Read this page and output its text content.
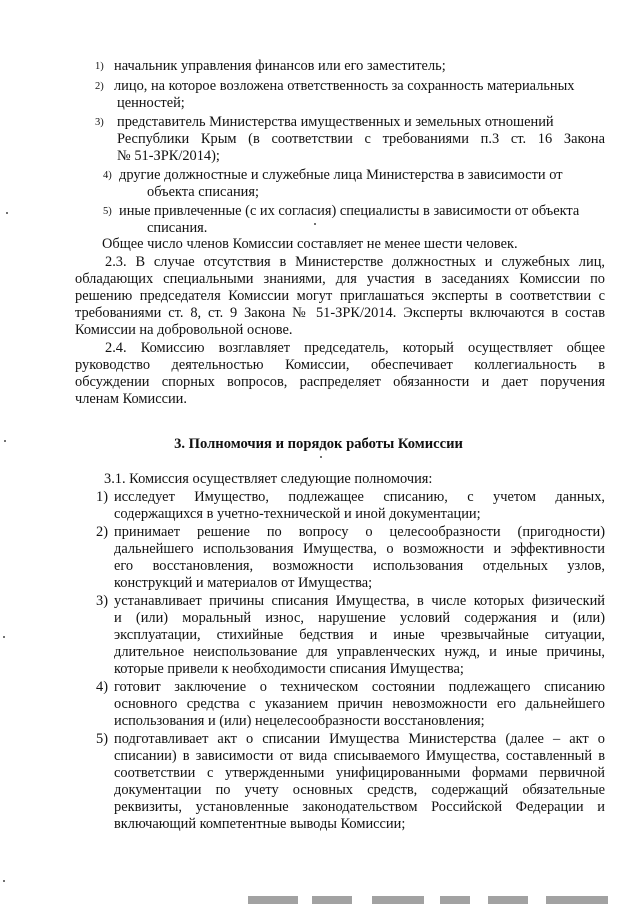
1) начальник управления финансов или его заместитель;
2) лицо, на которое возложена ответственность за сохранность материальных
ценностей;
3) представитель Министерства имущественных и земельных отношений
Республики Крым (в соответствии с требованиями п.3 ст. 16 Закона
№ 51-ЗРК/2014);
4) другие должностные и служебные лица Министерства в зависимости от
объекта списания;
5) иные привлеченные (с их согласия) специалисты в зависимости от объекта
списания.
Общее число членов Комиссии составляет не менее шести человек.
2.3. В случае отсутствия в Министерстве должностных и служебных лиц,
обладающих специальными знаниями, для участия в заседаниях Комиссии по
решению председателя Комиссии могут приглашаться эксперты в соответствии с
требованиями ст. 8, ст. 9 Закона № 51-ЗРК/2014. Эксперты включаются в состав
Комиссии на добровольной основе.
2.4. Комиссию возглавляет председатель, который осуществляет общее
руководство деятельностью Комиссии, обеспечивает коллегиальность в
обсуждении спорных вопросов, распределяет обязанности и дает поручения
членам Комиссии.
3. Полномочия и порядок работы Комиссии
3.1. Комиссия осуществляет следующие полномочия:
1) исследует Имущество, подлежащее списанию, с учетом данных,
содержащихся в учетно-технической и иной документации;
2) принимает решение по вопросу о целесообразности (пригодности)
дальнейшего использования Имущества, о возможности и эффективности
его восстановления, возможности использования отдельных узлов,
конструкций и материалов от Имущества;
3) устанавливает причины списания Имущества, в числе которых физический
и (или) моральный износ, нарушение условий содержания и (или)
эксплуатации, стихийные бедствия и иные чрезвычайные ситуации,
длительное неиспользование для управленческих нужд, и иные причины,
которые привели к необходимости списания Имущества;
4) готовит заключение о техническом состоянии подлежащего списанию
основного средства с указанием причин невозможности его дальнейшего
использования и (или) нецелесообразности восстановления;
5) подготавливает акт о списании Имущества Министерства (далее – акт о
списании) в зависимости от вида списываемого Имущества, составленный в
соответствии с утвержденными унифицированными формами первичной
документации по учету основных средств, содержащий обязательные
реквизиты, установленные законодательством Российской Федерации и
включающий компетентные выводы Комиссии;
